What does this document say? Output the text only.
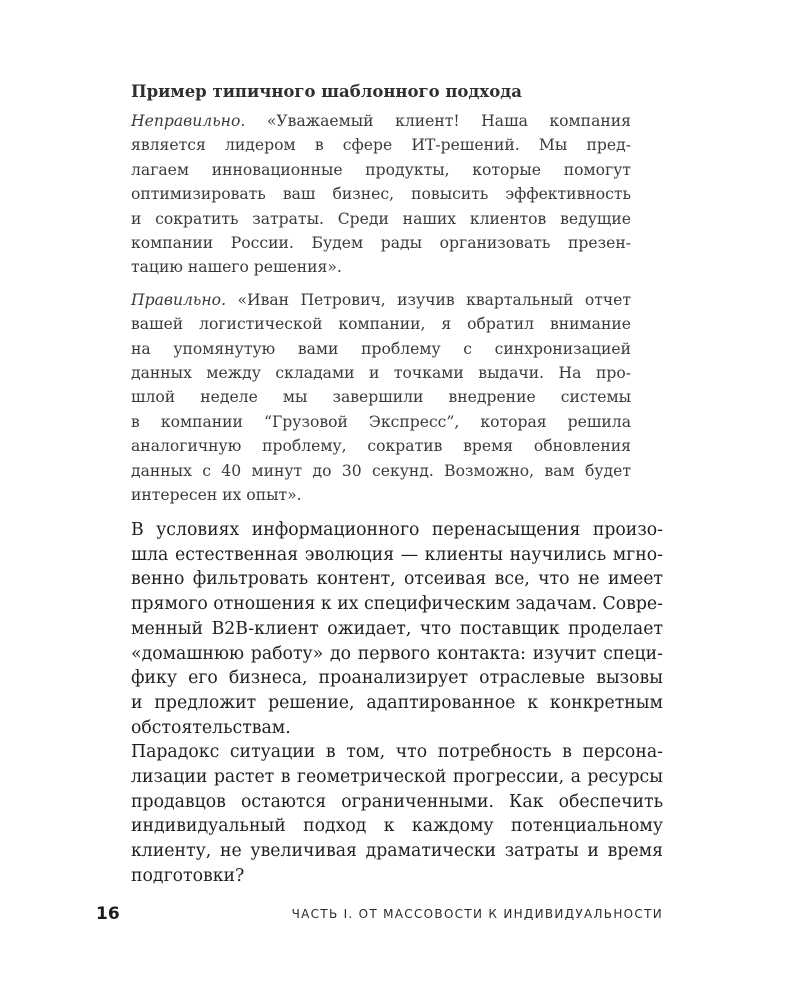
Пример типичного шаблонного подхода
Неправильно. «Уважаемый клиент! Наша компания
является лидером в сфере ИТ-решений. Мы пред-
лагаем инновационные продукты, которые помогут
оптимизировать ваш бизнес, повысить эффективность
и сократить затраты. Среди наших клиентов ведущие
компании России. Будем рады организовать презен-
тацию нашего решения».
Правильно. «Иван Петрович, изучив квартальный отчет
вашей логистической компании, я обратил внимание
на упомянутую вами проблему с синхронизацией
данных между складами и точками выдачи. На про-
шлой неделе мы завершили внедрение системы
в компании “Грузовой Экспресс”, которая решила
аналогичную проблему, сократив время обновления
данных с 40 минут до 30 секунд. Возможно, вам будет
интересен их опыт».
В условиях информационного перенасыщения произо-
шла естественная эволюция — клиенты научились мгно-
венно фильтровать контент, отсеивая все, что не имеет
прямого отношения к их специфическим задачам. Совре-
менный B2B-клиент ожидает, что поставщик проделает
«домашнюю работу» до первого контакта: изучит специ-
фику его бизнеса, проанализирует отраслевые вызовы
и предложит решение, адаптированное к конкретным
обстоятельствам.
Парадокс ситуации в том, что потребность в персона-
лизации растет в геометрической прогрессии, а ресурсы
продавцов остаются ограниченными. Как обеспечить
индивидуальный подход к каждому потенциальному
клиенту, не увеличивая драматически затраты и время
подготовки?
16	ЧАСТЬ I. ОТ МАССОВОСТИ К ИНДИВИДУАЛЬНОСТИ
